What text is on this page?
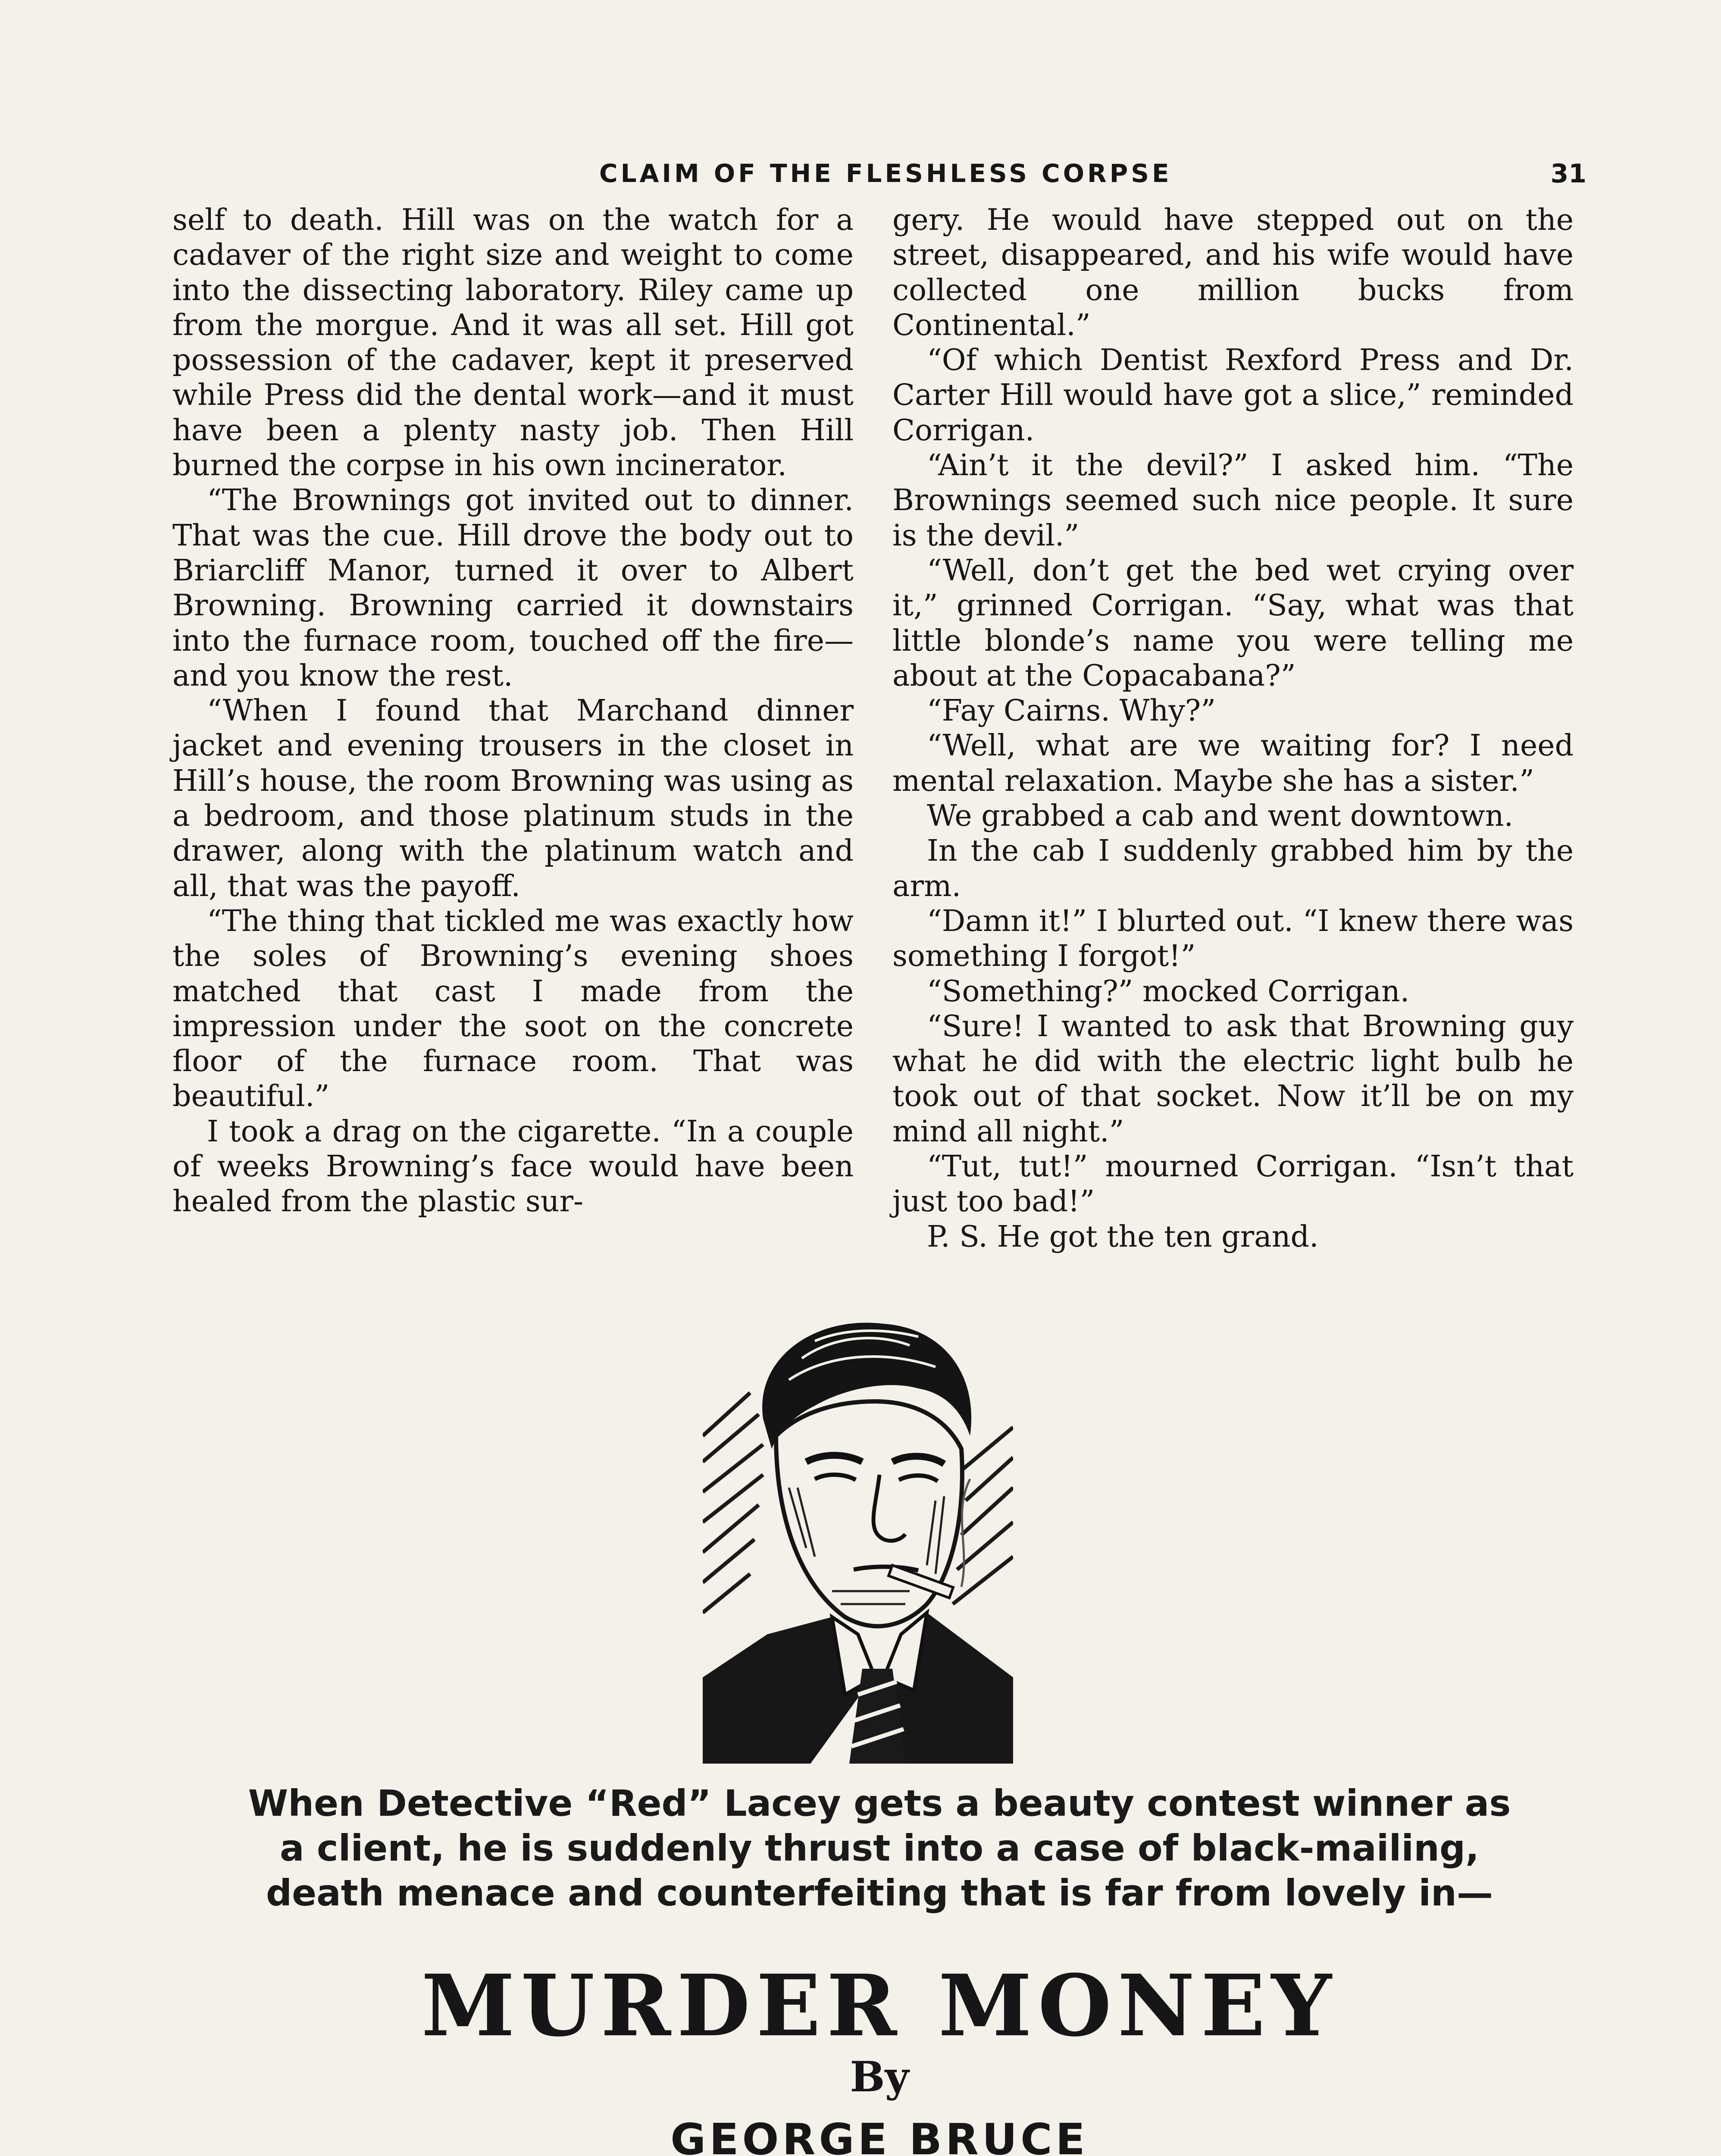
CLAIM OF THE FLESHLESS CORPSE	31

self to death. Hill was on the watch for a cadaver of the right size and weight to come into the dissecting laboratory. Riley came up from the morgue. And it was all set. Hill got possession of the cadaver, kept it preserved while Press did the dental work—and it must have been a plenty nasty job. Then Hill burned the corpse in his own incinerator.

“The Brownings got invited out to dinner. That was the cue. Hill drove the body out to Briarcliff Manor, turned it over to Albert Browning. Browning carried it downstairs into the furnace room, touched off the fire—and you know the rest.

“When I found that Marchand dinner jacket and evening trousers in the closet in Hill’s house, the room Browning was using as a bedroom, and those platinum studs in the drawer, along with the platinum watch and all, that was the payoff.

“The thing that tickled me was exactly how the soles of Browning’s evening shoes matched that cast I made from the impression under the soot on the concrete floor of the furnace room. That was beautiful.”

I took a drag on the cigarette. “In a couple of weeks Browning’s face would have been healed from the plastic sur-

gery. He would have stepped out on the street, disappeared, and his wife would have collected one million bucks from Continental.”

“Of which Dentist Rexford Press and Dr. Carter Hill would have got a slice,” reminded Corrigan.

“Ain’t it the devil?” I asked him. “The Brownings seemed such nice people. It sure is the devil.”

“Well, don’t get the bed wet crying over it,” grinned Corrigan. “Say, what was that little blonde’s name you were telling me about at the Copacabana?”

“Fay Cairns. Why?”

“Well, what are we waiting for? I need mental relaxation. Maybe she has a sister.”

We grabbed a cab and went downtown.

In the cab I suddenly grabbed him by the arm.

“Damn it!” I blurted out. “I knew there was something I forgot!”

“Something?” mocked Corrigan.

“Sure! I wanted to ask that Browning guy what he did with the electric light bulb he took out of that socket. Now it’ll be on my mind all night.”

“Tut, tut!” mourned Corrigan. “Isn’t that just too bad!”

P. S. He got the ten grand.

When Detective “Red” Lacey gets a beauty contest winner as a client, he is suddenly thrust into a case of black-mailing, death menace and counterfeiting that is far from lovely in—
MURDER MONEY
By
GEORGE BRUCE
